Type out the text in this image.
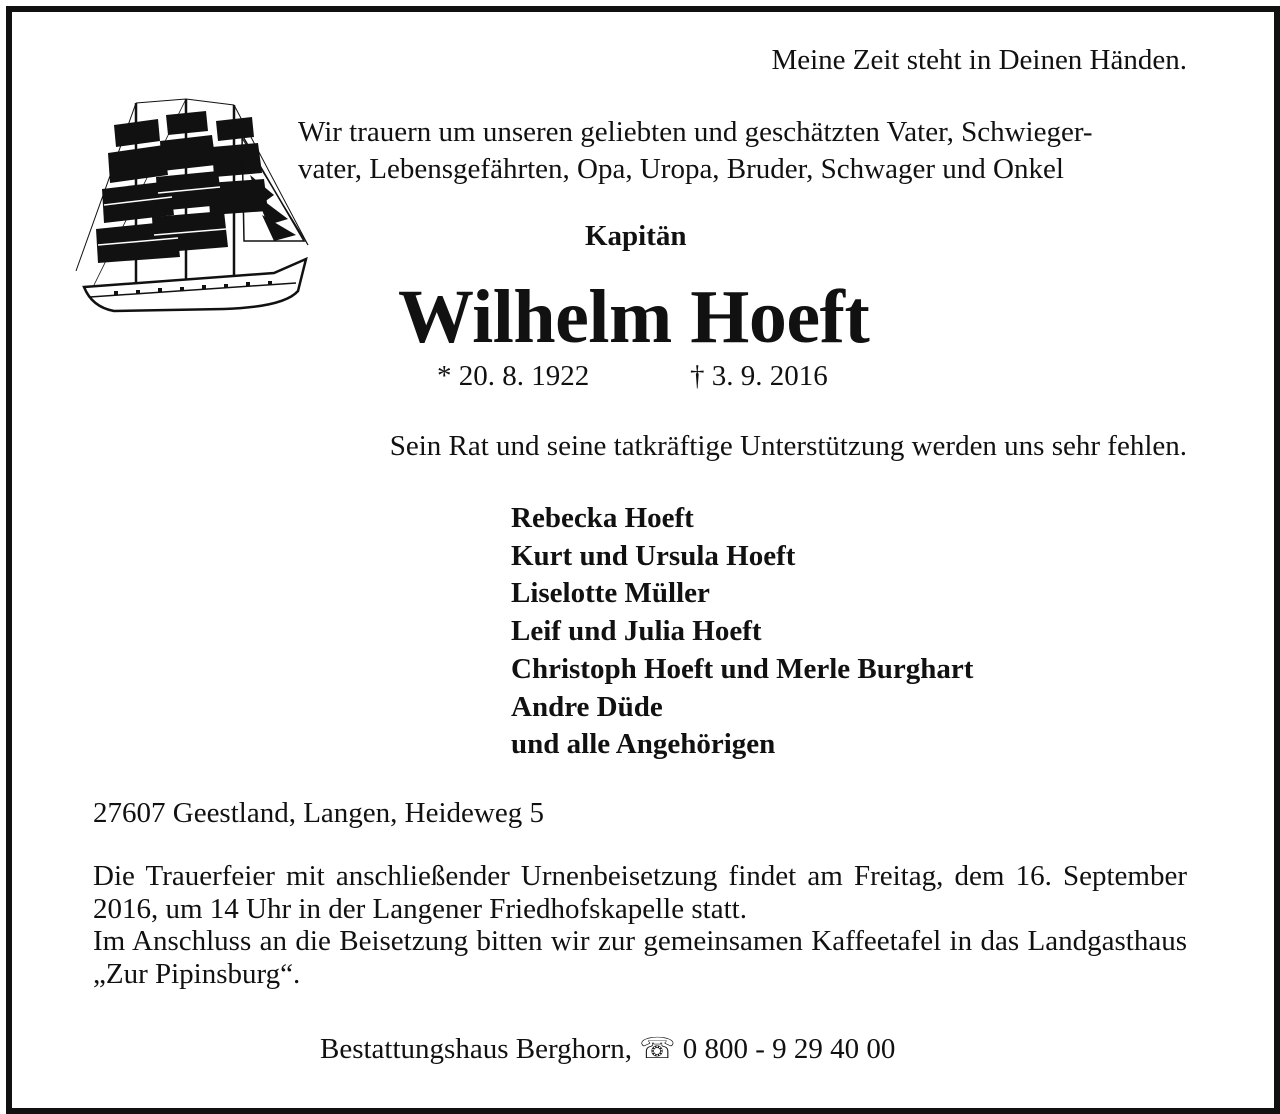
Meine Zeit steht in Deinen Händen.
Wir trauern um unseren geliebten und geschätzten Vater, Schwieger-
vater, Lebensgefährten, Opa, Uropa, Bruder, Schwager und Onkel
Kapitän
Wilhelm Hoeft
* 20. 8. 1922	† 3. 9. 2016
Sein Rat und seine tatkräftige Unterstützung werden uns sehr fehlen.
Rebecka Hoeft
Kurt und Ursula Hoeft
Liselotte Müller
Leif und Julia Hoeft
Christoph Hoeft und Merle Burghart
Andre Düde
und alle Angehörigen
27607 Geestland, Langen, Heideweg 5

Die Trauerfeier mit anschließender Urnenbeisetzung findet am Freitag, dem 16. September 2016, um 14 Uhr in der Langener Friedhofskapelle statt.

Im Anschluss an die Beisetzung bitten wir zur gemeinsamen Kaffeetafel in das Landgasthaus „Zur Pipinsburg“.

Bestattungshaus Berghorn, ☏ 0 800 - 9 29 40 00
